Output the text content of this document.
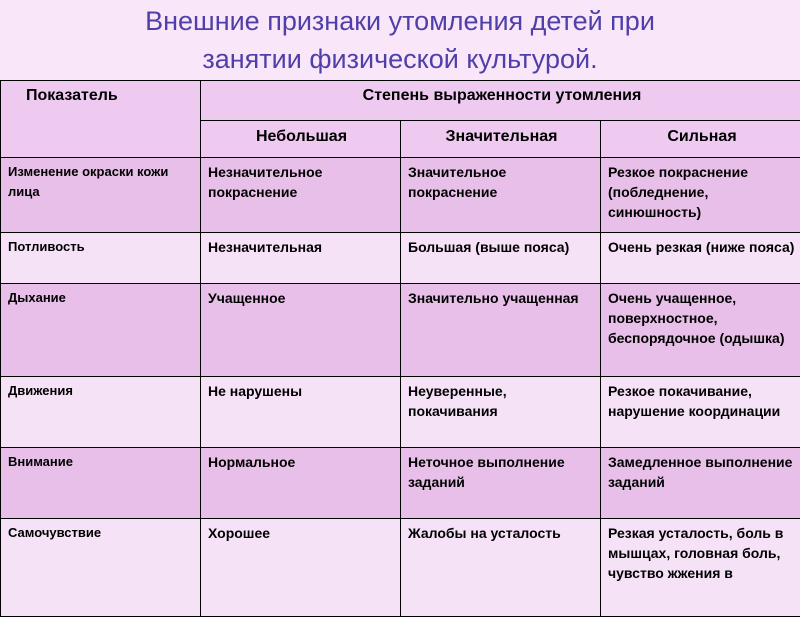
Внешние признаки утомления детей при
занятии физической культурой.
Показатель	Степень выраженности утомления		
	Небольшая	Значительная	Сильная
Изменение окраски кожи лица	Незначительное покраснение	Значительное покраснение	Резкое покраснение (побледнение, синюшность)
Потливость	Незначительная	Большая (выше пояса)	Очень резкая (ниже пояса)
Дыхание	Учащенное	Значительно учащенная	Очень учащенное, поверхностное, беспорядочное (одышка)
Движения	Не нарушены	Неуверенные, покачивания	Резкое покачивание, нарушение координации
Внимание	Нормальное	Неточное выполнение заданий	Замедленное выполнение заданий
Самочувствие	Хорошее	Жалобы на усталость	Резкая усталость, боль в мышцах, головная боль, чувство жжения в
